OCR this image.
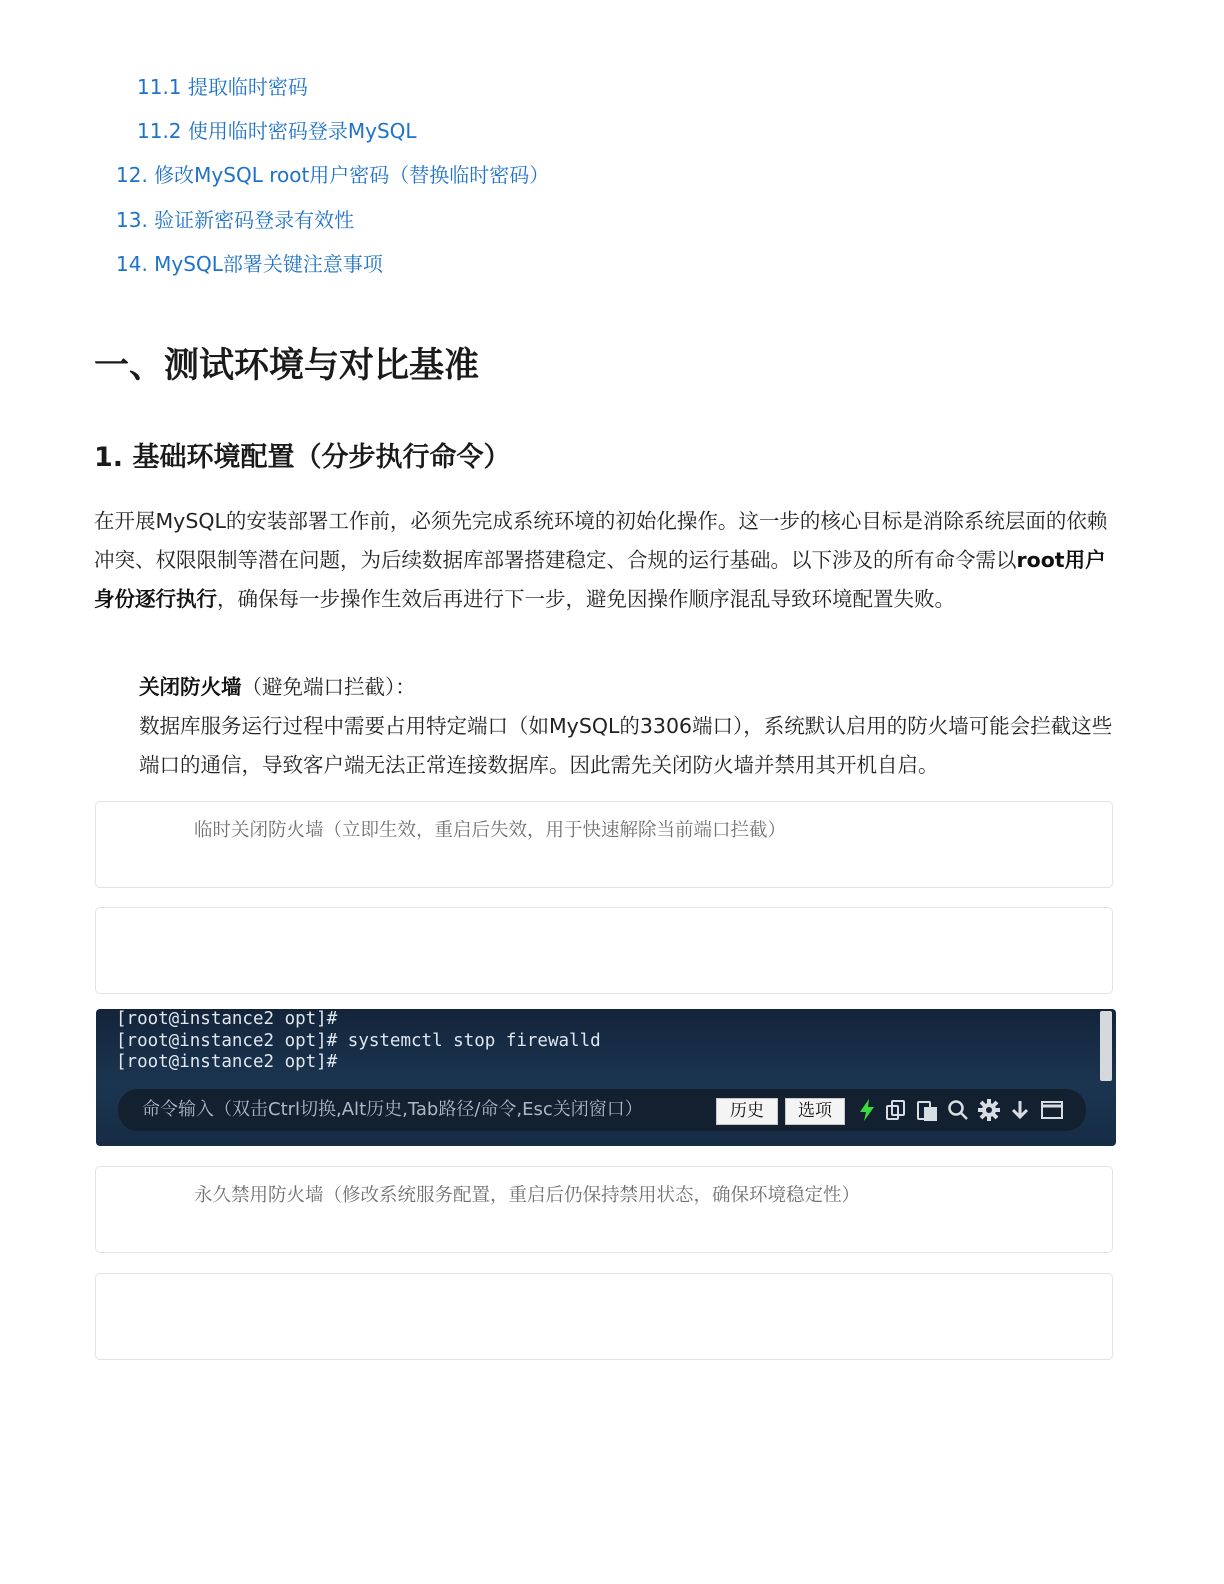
11.1 提取临时密码
11.2 使用临时密码登录MySQL
12. 修改MySQL root用户密码（替换临时密码）
13. 验证新密码登录有效性
14. MySQL部署关键注意事项
一、测试环境与对比基准
1. 基础环境配置（分步执行命令）

在开展MySQL的安装部署工作前，必须先完成系统环境的初始化操作。这一步的核心目标是消除系统层面的依赖冲突、权限限制等潜在问题，为后续数据库部署搭建稳定、合规的运行基础。以下涉及的所有命令需以root用户身份逐行执行，确保每一步操作生效后再进行下一步，避免因操作顺序混乱导致环境配置失败。

关闭防火墙（避免端口拦截）：
数据库服务运行过程中需要占用特定端口（如MySQL的3306端口），系统默认启用的防火墙可能会拦截这些端口的通信，导致客户端无法正常连接数据库。因此需先关闭防火墙并禁用其开机自启。
临时关闭防火墙（立即生效，重启后失效，用于快速解除当前端口拦截）
[root@instance2 opt]#
[root@instance2 opt]# systemctl stop firewalld
[root@instance2 opt]#
命令输入（双击Ctrl切换,Alt历史,Tab路径/命令,Esc关闭窗口）	历史	选项
永久禁用防火墙（修改系统服务配置，重启后仍保持禁用状态，确保环境稳定性）
